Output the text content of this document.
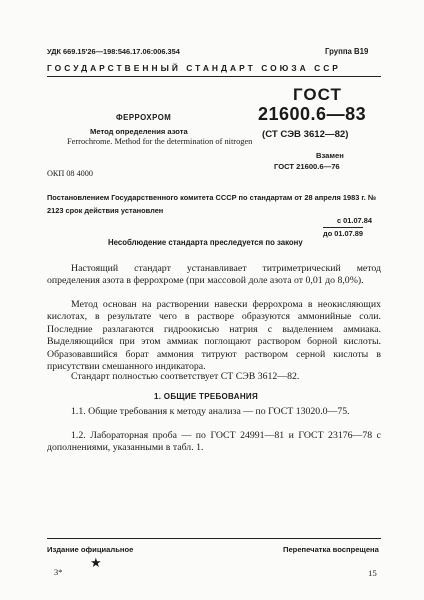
УДК 669.15'26—198:546.17.06:006.354	Группа В19
ГОСУДАРСТВЕННЫЙ СТАНДАРТ СОЮЗА ССР
ГОСТ
21600.6—83
(СТ СЭВ 3612—82)
Взамен
ГОСТ 21600.6—76
ФЕРРОХРОМ
Метод определения азота
Ferrochrome. Method for the determination of nitrogen
ОКП 08 4000
Постановлением Государственного комитета СССР по стандартам от 28 апреля 1983 г. № 2123 срок действия установлен
с 01.07.84
до 01.07.89
Несоблюдение стандарта преследуется по закону
Настоящий стандарт устанавливает титриметрический метод определения азота в феррохроме (при массовой доле азота от 0,01 до 8,0%).
Метод основан на растворении навески феррохрома в неокисляющих кислотах, в результате чего в растворе образуются аммонийные соли. Последние разлагаются гидроокисью натрия с выделением аммиака. Выделяющийся при этом аммиак поглощают раствором борной кислоты. Образовавшийся борат аммония титруют раствором серной кислоты в присутствии смешанного индикатора.
Стандарт полностью соответствует СТ СЭВ 3612—82.
1. ОБЩИЕ ТРЕБОВАНИЯ
1.1. Общие требования к методу анализа — по ГОСТ 13020.0—75.
1.2. Лабораторная проба — по ГОСТ 24991—81 и ГОСТ 23176—78 с дополнениями, указанными в табл. 1.
Издание официальное	Перепечатка воспрещена
★
3*	15
